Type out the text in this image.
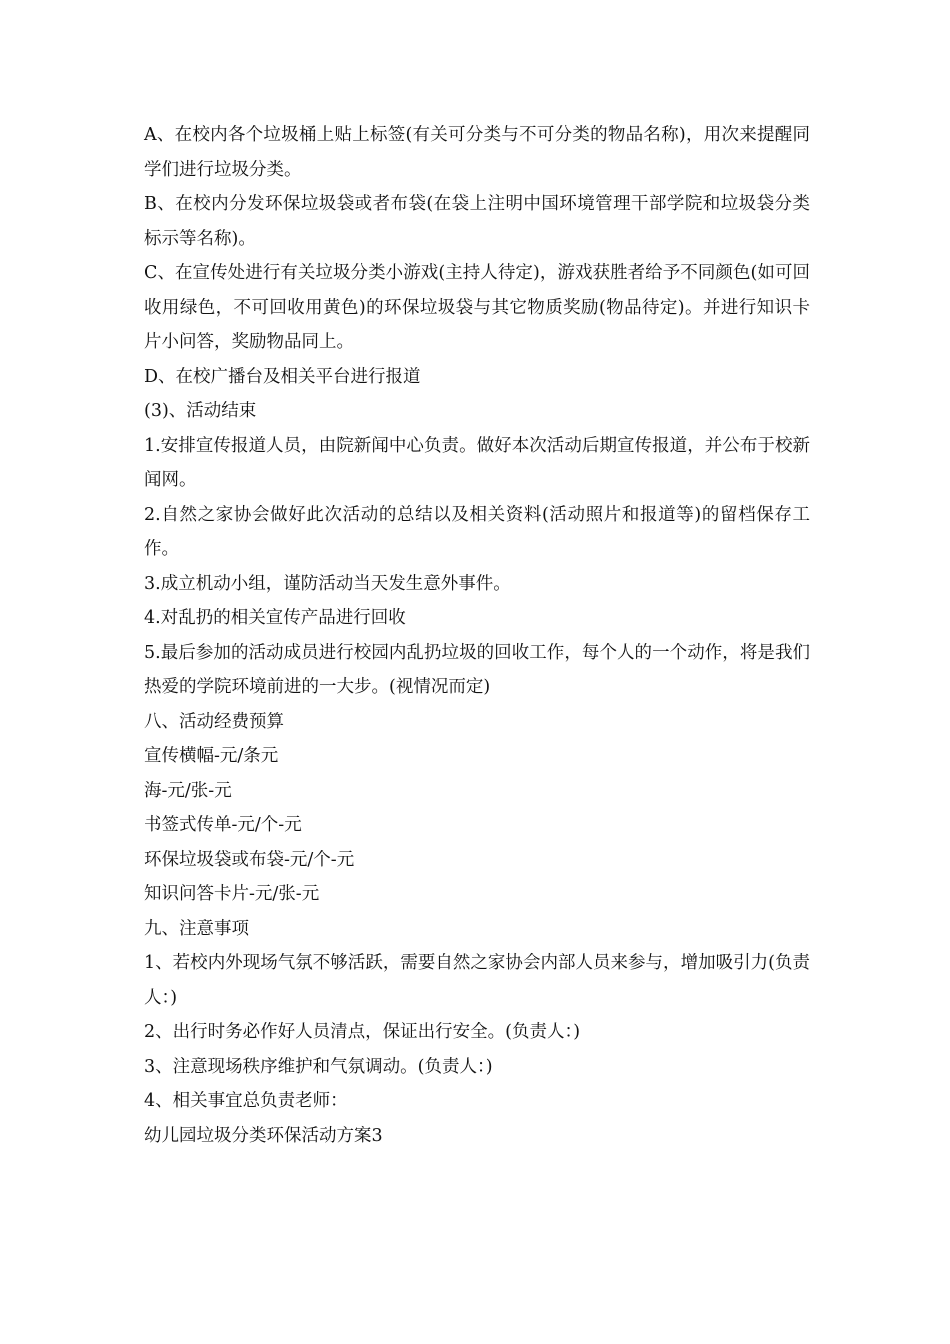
A、在校内各个垃圾桶上贴上标签(有关可分类与不可分类的物品名称)，用次来提醒同学们进行垃圾分类。

B、在校内分发环保垃圾袋或者布袋(在袋上注明中国环境管理干部学院和垃圾袋分类标示等名称)。

C、在宣传处进行有关垃圾分类小游戏(主持人待定)，游戏获胜者给予不同颜色(如可回收用绿色，不可回收用黄色)的环保垃圾袋与其它物质奖励(物品待定)。并进行知识卡片小问答，奖励物品同上。

D、在校广播台及相关平台进行报道

(3)、活动结束

1.安排宣传报道人员，由院新闻中心负责。做好本次活动后期宣传报道，并公布于校新闻网。

2.自然之家协会做好此次活动的总结以及相关资料(活动照片和报道等)的留档保存工作。

3.成立机动小组，谨防活动当天发生意外事件。

4.对乱扔的相关宣传产品进行回收

5.最后参加的活动成员进行校园内乱扔垃圾的回收工作，每个人的一个动作，将是我们热爱的学院环境前进的一大步。(视情况而定)

八、活动经费预算

宣传横幅-元/条元

海-元/张-元

书签式传单-元/个-元

环保垃圾袋或布袋-元/个-元

知识问答卡片-元/张-元

九、注意事项

1、若校内外现场气氛不够活跃，需要自然之家协会内部人员来参与，增加吸引力(负责人：)

2、出行时务必作好人员清点，保证出行安全。(负责人：)

3、注意现场秩序维护和气氛调动。(负责人：)

4、相关事宜总负责老师：

幼儿园垃圾分类环保活动方案3
